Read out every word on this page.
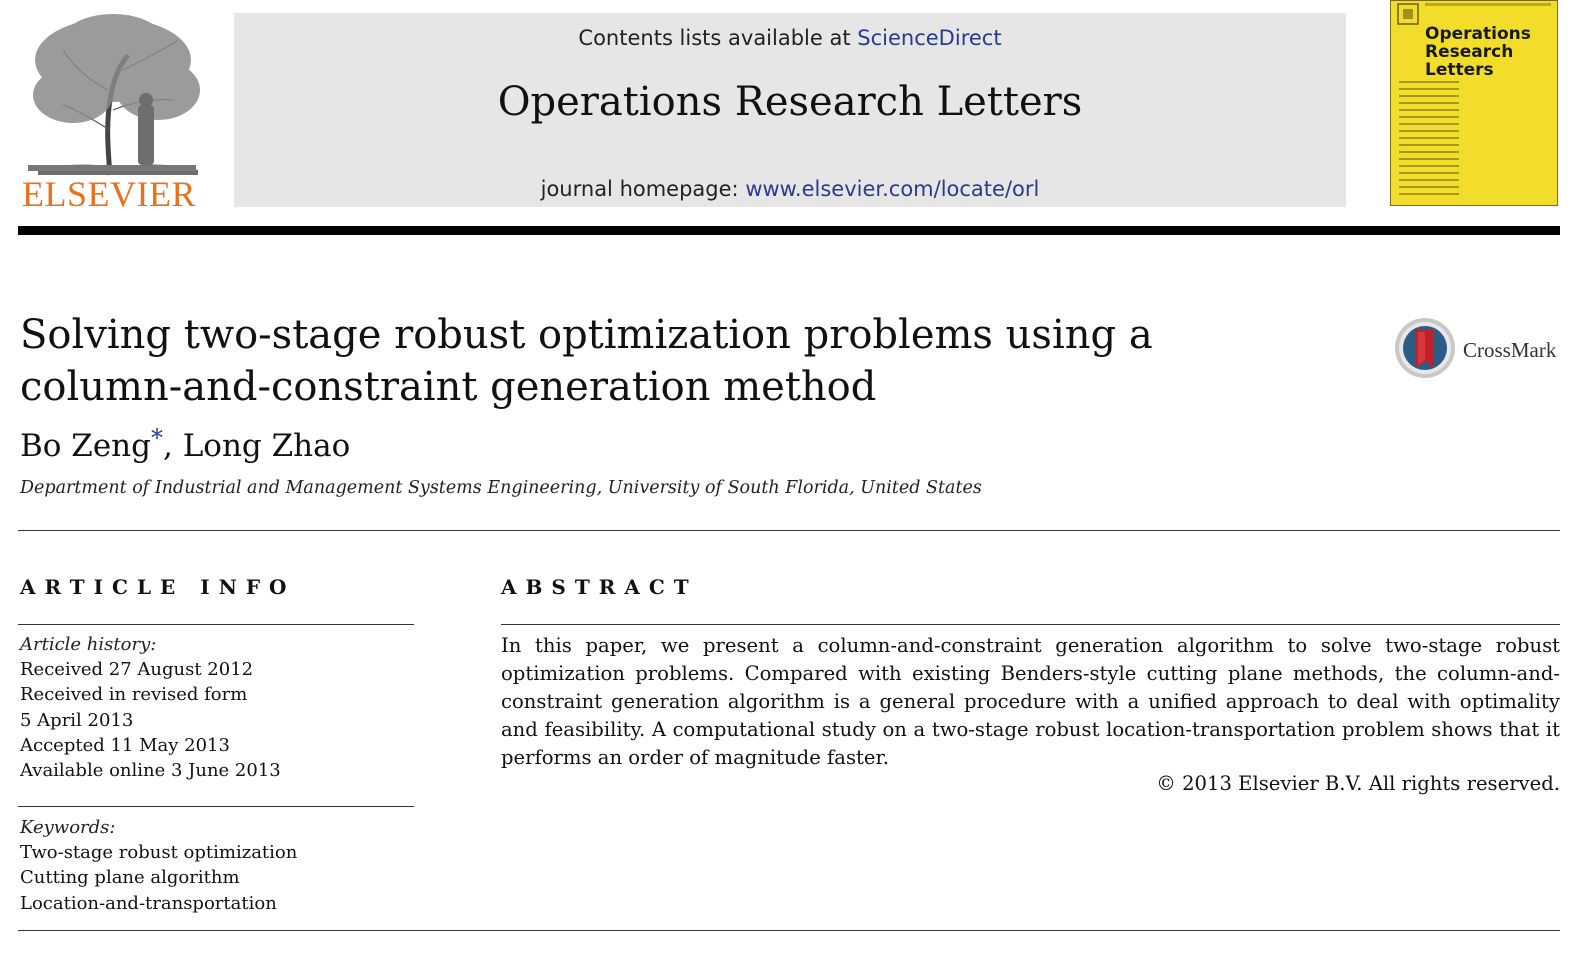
ELSEVIER
Contents lists available at ScienceDirect
Operations Research Letters
journal homepage: www.elsevier.com/locate/orl
Operations
Research
Letters
Solving two-stage robust optimization problems using a
column-and-constraint generation method
CrossMark
Bo Zeng*, Long Zhao
Department of Industrial and Management Systems Engineering, University of South Florida, United States
ARTICLE INFO
Article history:
Received 27 August 2012
Received in revised form
5 April 2013
Accepted 11 May 2013
Available online 3 June 2013
Keywords:
Two-stage robust optimization
Cutting plane algorithm
Location-and-transportation
ABSTRACT
In this paper, we present a column-and-constraint generation algorithm to solve two-stage robust optimization problems. Compared with existing Benders-style cutting plane methods, the column-and-constraint generation algorithm is a general procedure with a unified approach to deal with optimality and feasibility. A computational study on a two-stage robust location-transportation problem shows that it performs an order of magnitude faster.
© 2013 Elsevier B.V. All rights reserved.
